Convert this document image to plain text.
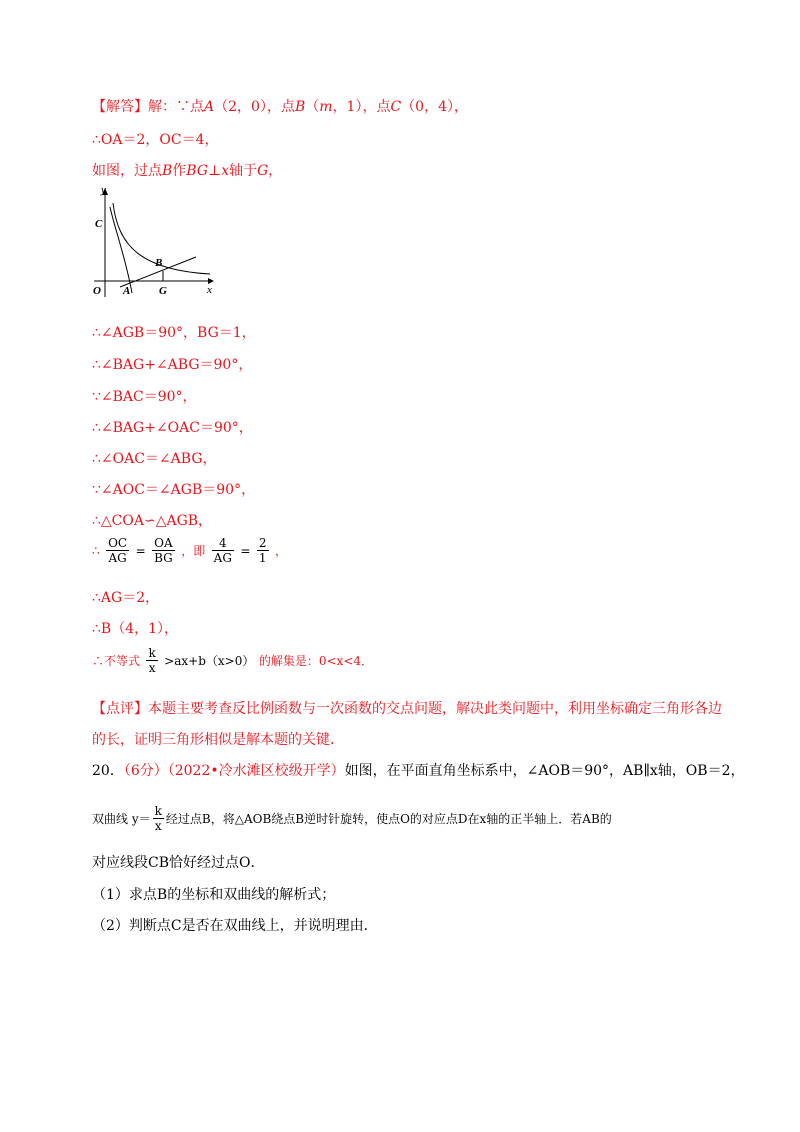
【解答】解：∵点A（2，0），点B（m，1），点C（0，4），
∴OA＝2，OC＝4，
如图，过点B作BG⊥x轴于G，
y
x
O A	G
B
C
∴∠AGB＝90°，BG＝1，
∴∠BAG+∠ABG＝90°，
∵∠BAC＝90°，
∴∠BAG+∠OAC＝90°，
∴∠OAC＝∠ABG，
∵∠AOC＝∠AGB＝90°，
∴△COA∽△AGB，
∴ $\frac{OC}{AG} = \frac{OA}{BG}$ ，即 $\frac{4}{AG} = \frac{2}{1}$ ，
∴AG＝2，
∴B（4，1），
∴不等式 $\frac{k}{x} >ax+b(x>0)$ 的解集是：0<x<4．
【点评】本题主要考查反比例函数与一次函数的交点问题，解决此类问题中，利用坐标确定三角形各边
的长，证明三角形相似是解本题的关键．
20．（6分）（2022•冷水滩区校级开学）如图，在平面直角坐标系中，∠AOB＝90°，AB∥x轴，OB＝2，
双曲线 $y= \frac{k}{x}$ 经过点B，将△AOB绕点B逆时针旋转，使点O的对应点D在x轴的正半轴上．若AB的
对应线段CB恰好经过点O．
（1）求点B的坐标和双曲线的解析式；
（2）判断点C是否在双曲线上，并说明理由．
